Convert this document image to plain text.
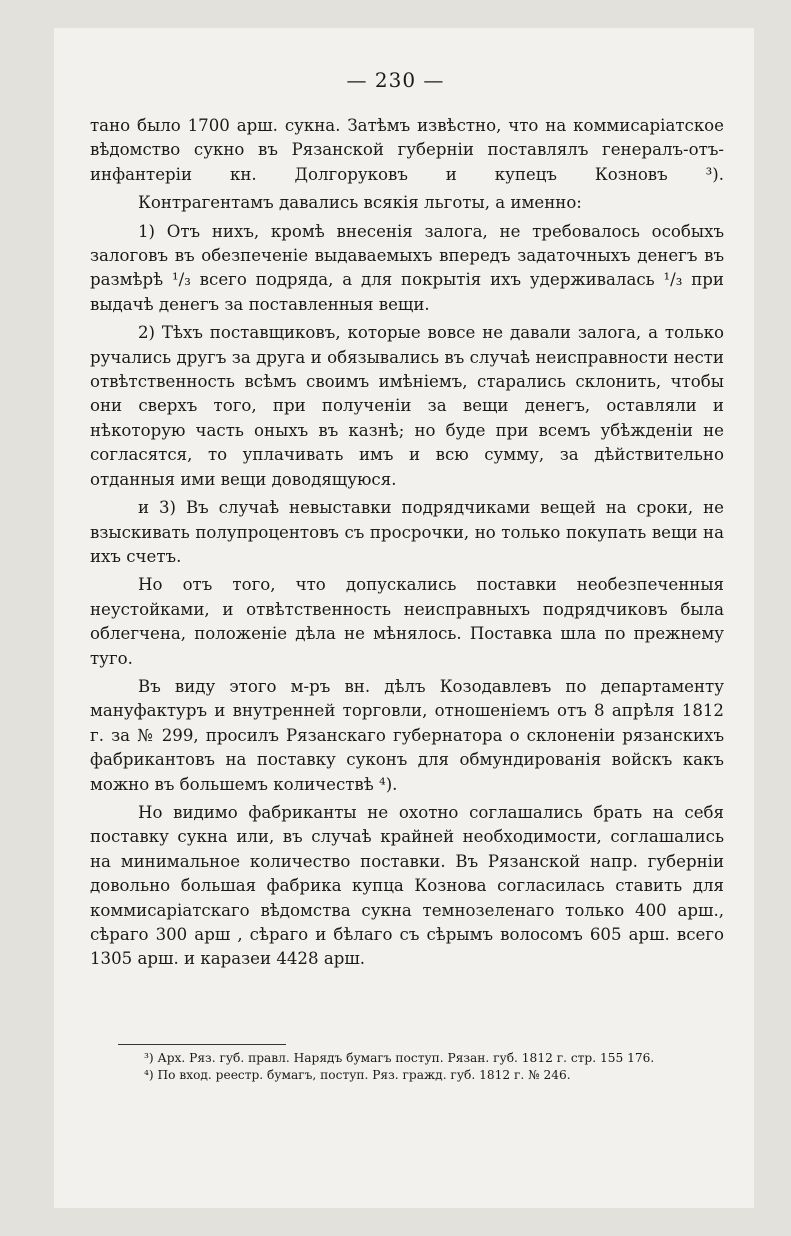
— 230 —

тано было 1700 арш. сукна. Затѣмъ извѣстно, что на коммисаріатское вѣдомство сукно въ Рязанской губерніи поставлялъ генералъ-отъ-инфантеріи кн. Долгоруковъ и купецъ Козновъ ³).

Контрагентамъ давались всякія льготы, а именно:

1) Отъ нихъ, кромѣ внесенія залога, не требовалось особыхъ залоговъ въ обезпеченіе выдаваемыхъ впередъ задаточныхъ денегъ въ размѣрѣ ¹/₃ всего подряда, а для покрытія ихъ удерживалась ¹/₃ при выдачѣ денегъ за поставленныя вещи.

2) Тѣхъ поставщиковъ, которые вовсе не давали залога, а только ручались другъ за друга и обязывались въ случаѣ неисправности нести отвѣтственность всѣмъ своимъ имѣніемъ, старались склонить, чтобы они сверхъ того, при полученіи за вещи денегъ, оставляли и нѣкоторую часть оныхъ въ казнѣ; но буде при всемъ убѣжденіи не согласятся, то уплачивать имъ и всю сумму, за дѣйствительно отданныя ими вещи доводящуюся.

и 3) Въ случаѣ невыставки подрядчиками вещей на сроки, не взыскивать полупроцентовъ съ просрочки, но только покупать вещи на ихъ счетъ.

Но отъ того, что допускались поставки необезпеченныя неустойками, и отвѣтственность неисправныхъ подрядчиковъ была облегчена, положеніе дѣла не мѣнялось. Поставка шла по прежнему туго.

Въ виду этого м-ръ вн. дѣлъ Козодавлевъ по департаменту мануфактуръ и внутренней торговли, отношеніемъ отъ 8 апрѣля 1812 г. за № 299, просилъ Рязанскаго губернатора о склоненіи рязанскихъ фабрикантовъ на поставку суконъ для обмундированія войскъ какъ можно въ большемъ количествѣ ⁴).

Но видимо фабриканты не охотно соглашались брать на себя поставку сукна или, въ случаѣ крайней необходимости, соглашались на минимальное количество поставки. Въ Рязанской напр. губерніи довольно большая фабрика купца Кознова согласилась ставить для коммисаріатскаго вѣдомства сукна темнозеленаго только 400 арш., сѣраго 300 арш , сѣраго и бѣлаго съ сѣрымъ волосомъ 605 арш. всего 1305 арш. и каразеи 4428 арш.

³) Арх. Ряз. губ. правл. Нарядъ бумагъ поступ. Рязан. губ. 1812 г. стр. 155 176.

⁴) По вход. реестр. бумагъ, поступ. Ряз. гражд. губ. 1812 г. № 246.
